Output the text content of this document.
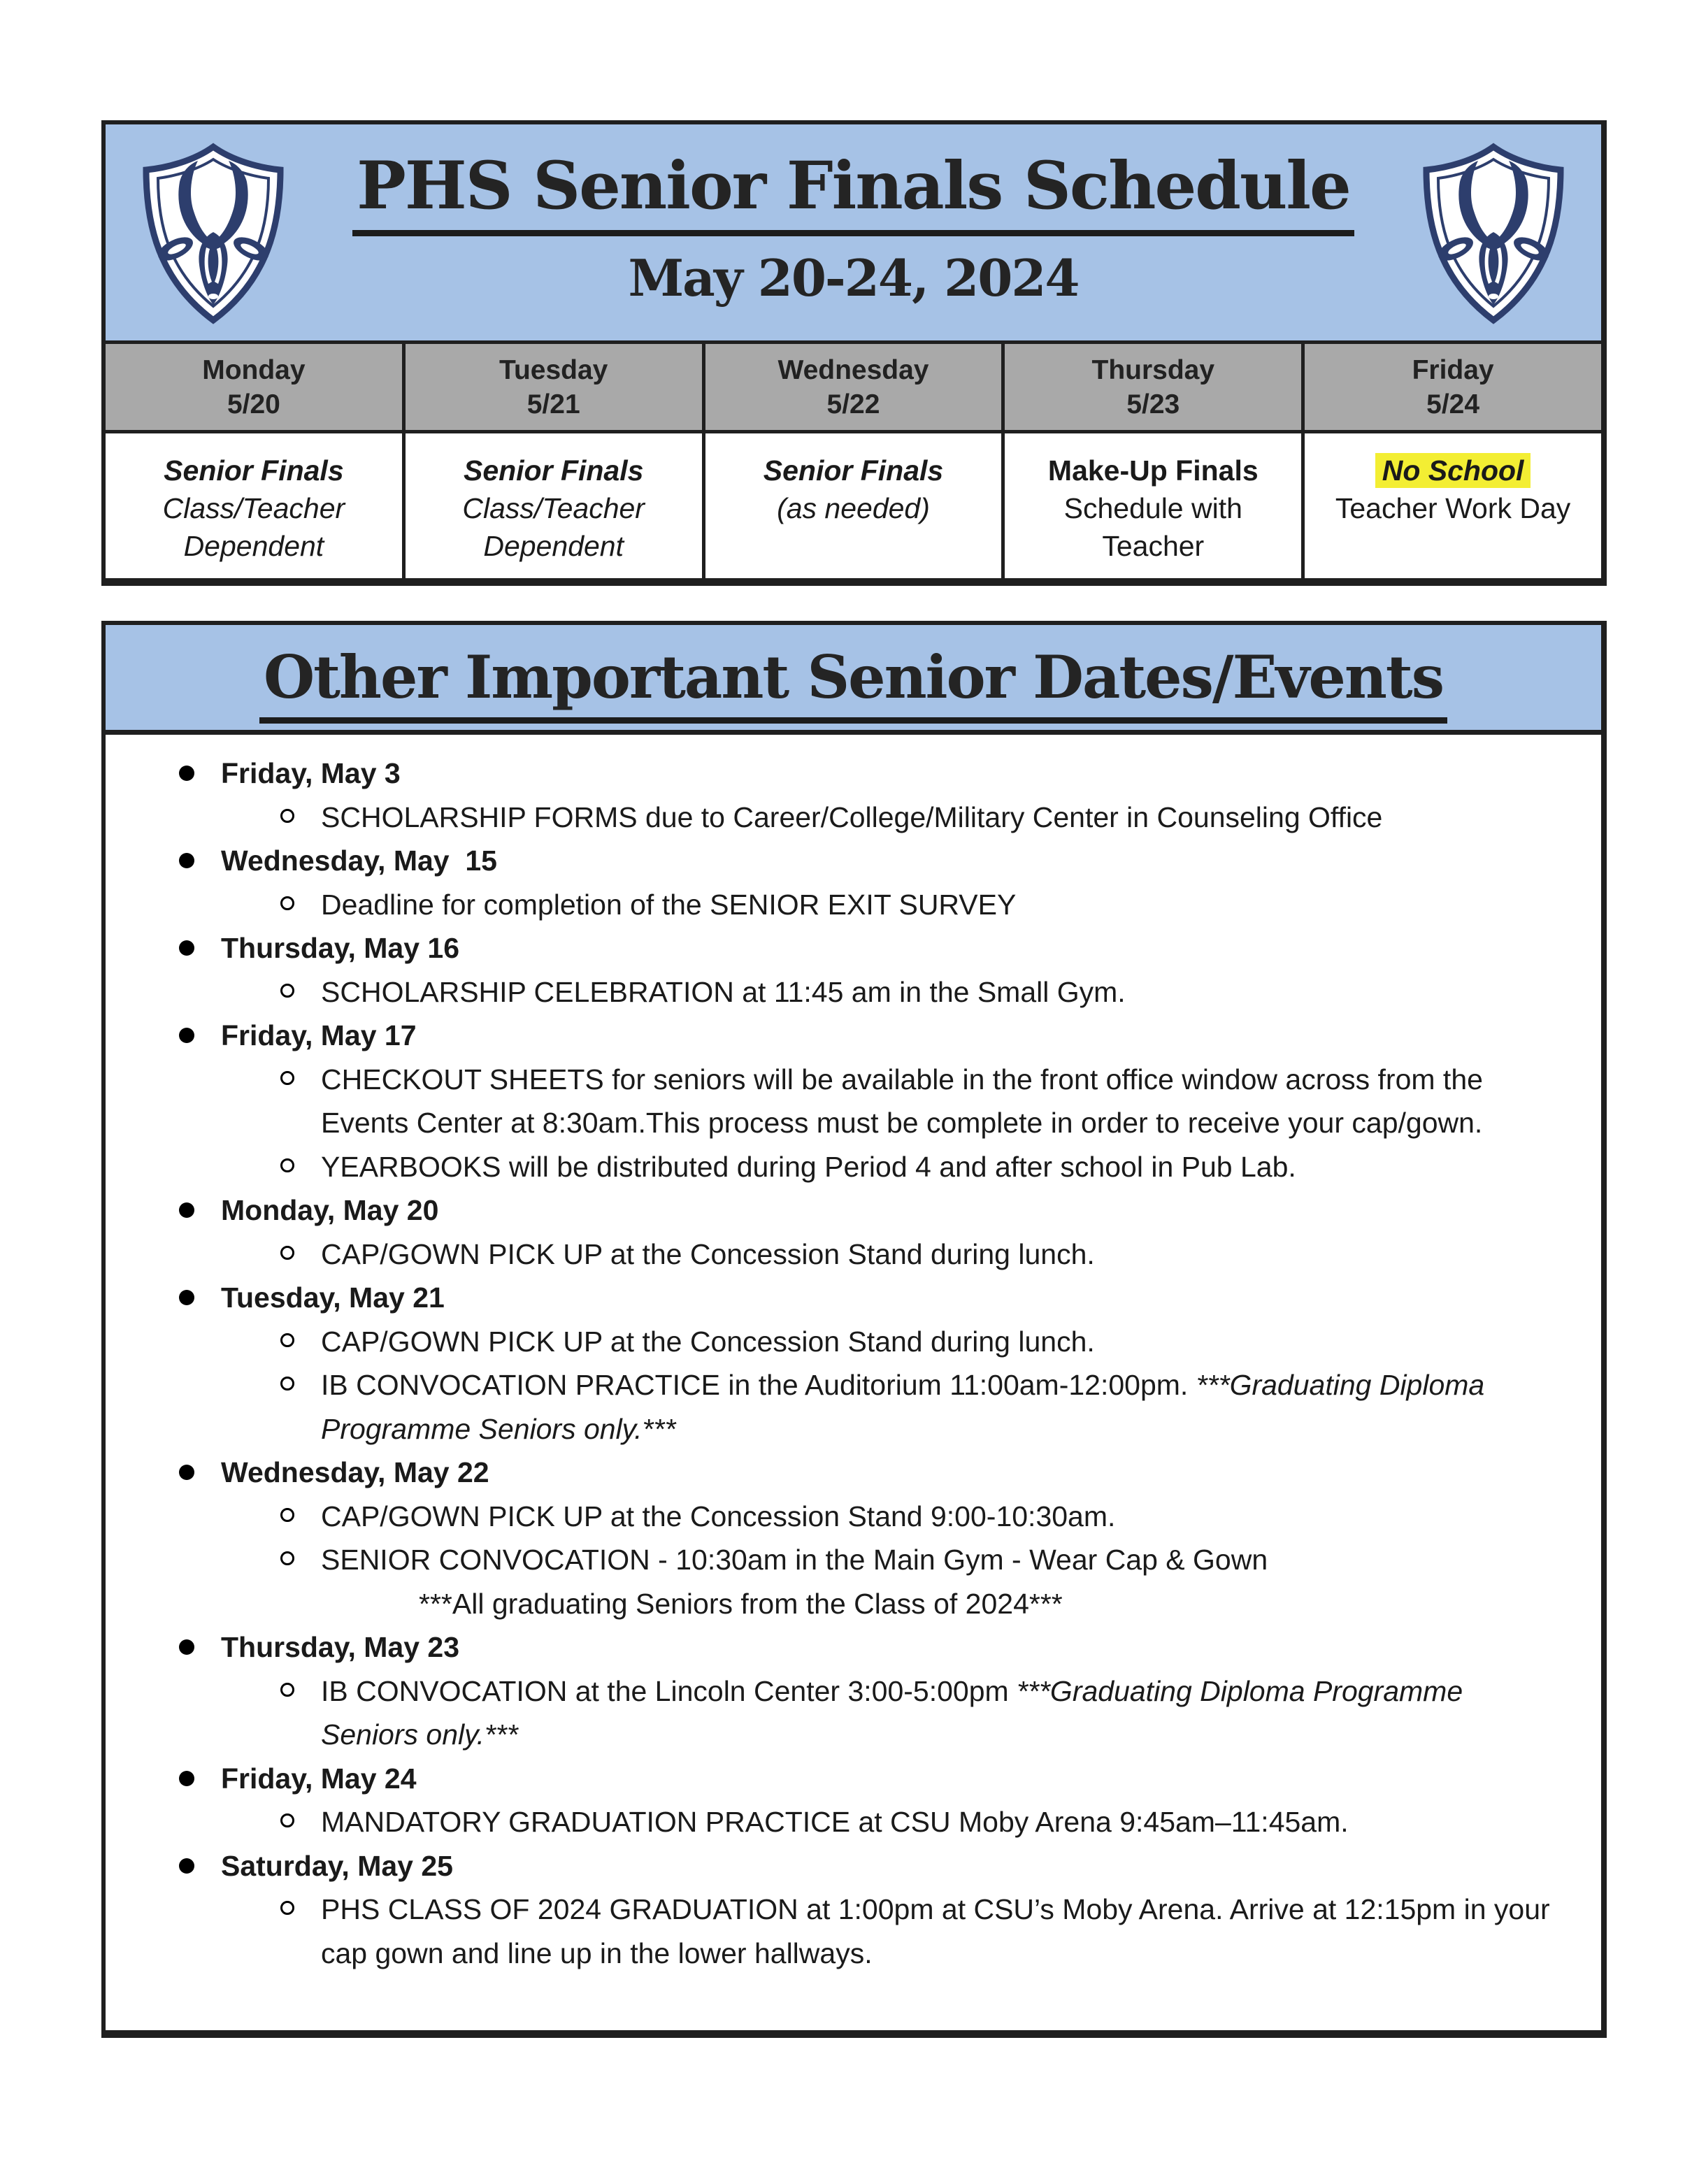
PHS Senior Finals Schedule
May 20-24, 2024
Monday
5/20
Tuesday
5/21
Wednesday
5/22
Thursday
5/23
Friday
5/24
Senior Finals
Class/Teacher Dependent
Senior Finals
Class/Teacher Dependent
Senior Finals
(as needed)
Make-Up Finals
Schedule with Teacher
No School
Teacher Work Day
Other Important Senior Dates/Events
Friday, May 3
SCHOLARSHIP FORMS due to Career/College/Military Center in Counseling Office
Wednesday, May  15
Deadline for completion of the SENIOR EXIT SURVEY
Thursday, May 16
SCHOLARSHIP CELEBRATION at 11:45 am in the Small Gym.
Friday, May 17
CHECKOUT SHEETS for seniors will be available in the front office window across from the Events Center at 8:30am.This process must be complete in order to receive your cap/gown.
YEARBOOKS will be distributed during Period 4 and after school in Pub Lab.
Monday, May 20
CAP/GOWN PICK UP at the Concession Stand during lunch.
Tuesday, May 21
CAP/GOWN PICK UP at the Concession Stand during lunch.
IB CONVOCATION PRACTICE in the Auditorium 11:00am-12:00pm. ***Graduating Diploma Programme Seniors only.***
Wednesday, May 22
CAP/GOWN PICK UP at the Concession Stand 9:00-10:30am.
SENIOR CONVOCATION - 10:30am in the Main Gym - Wear Cap & Gown
***All graduating Seniors from the Class of 2024***
Thursday, May 23
IB CONVOCATION at the Lincoln Center 3:00-5:00pm ***Graduating Diploma Programme Seniors only.***
Friday, May 24
MANDATORY GRADUATION PRACTICE at CSU Moby Arena 9:45am–11:45am.
Saturday, May 25
PHS CLASS OF 2024 GRADUATION at 1:00pm at CSU’s Moby Arena. Arrive at 12:15pm in your cap gown and line up in the lower hallways.
